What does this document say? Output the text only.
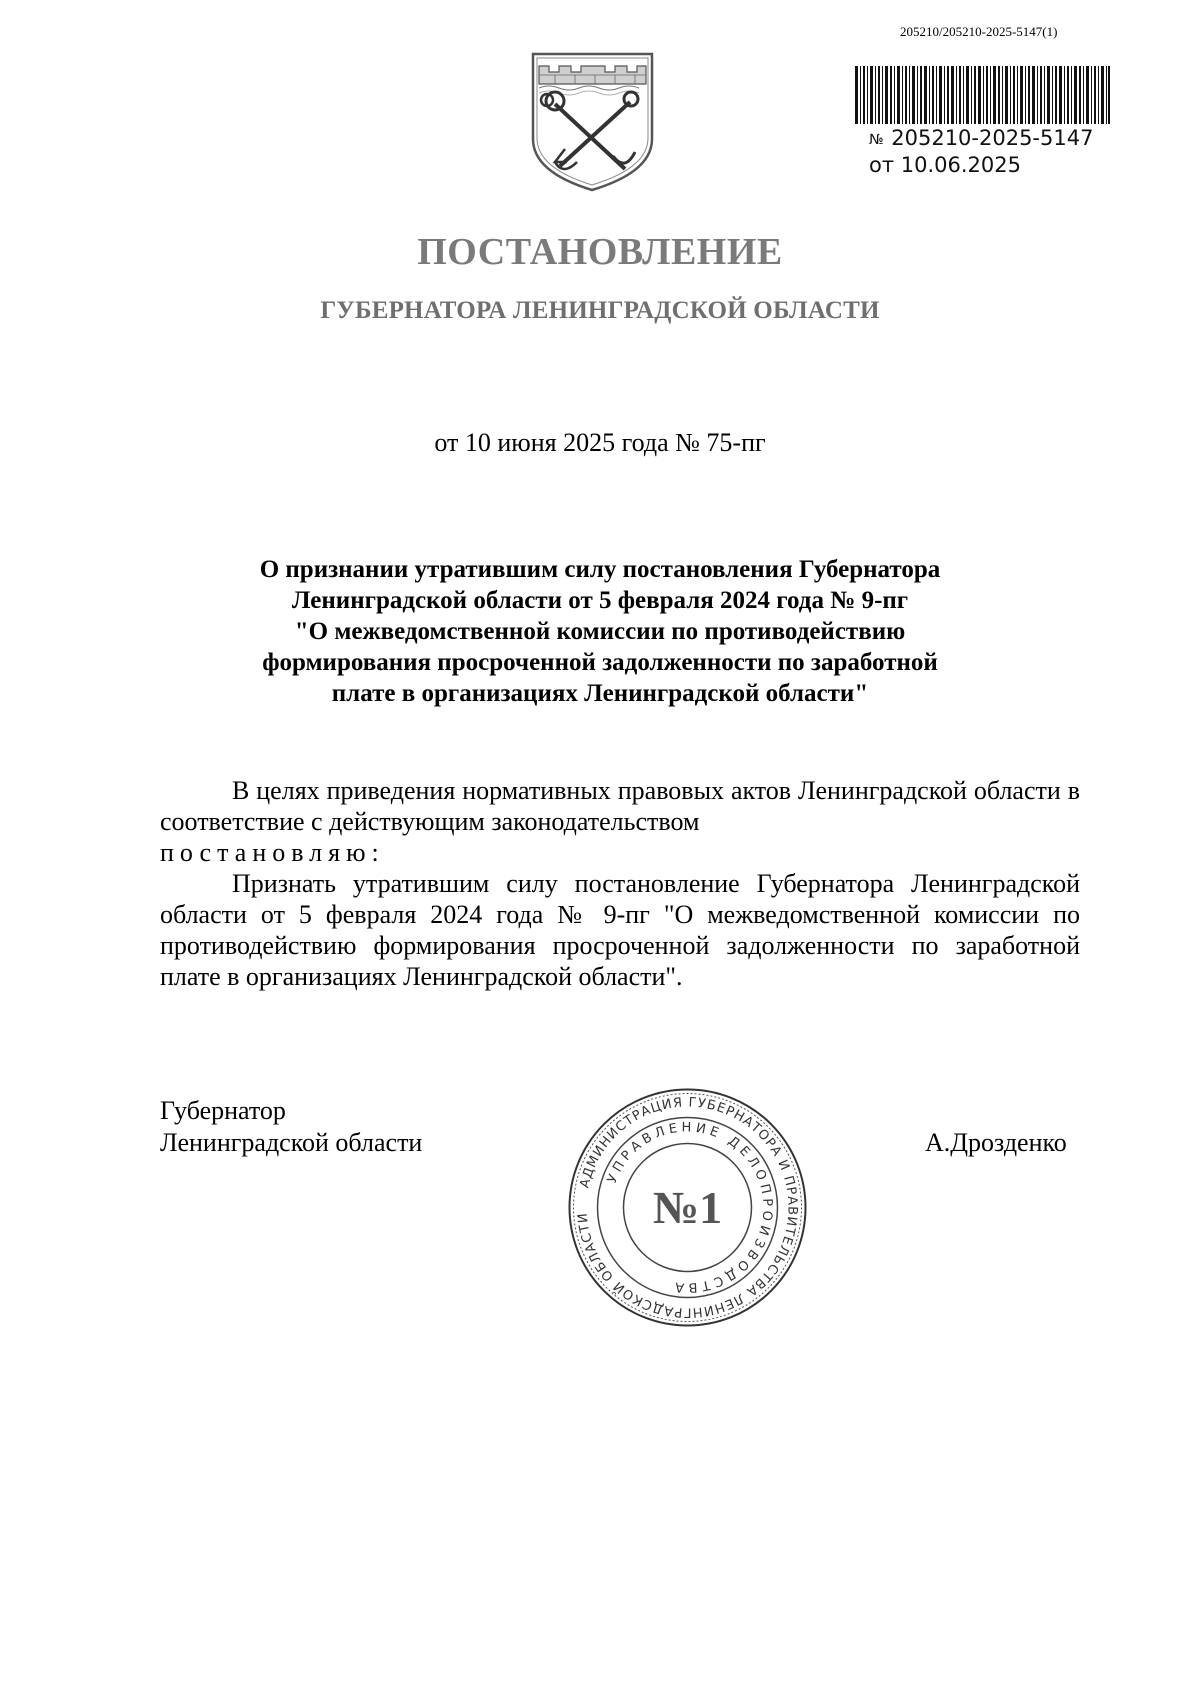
205210/205210-2025-5147(1)
№ 205210-2025-5147
от 10.06.2025
ПОСТАНОВЛЕНИЕ
ГУБЕРНАТОРА ЛЕНИНГРАДСКОЙ ОБЛАСТИ
от 10 июня 2025 года № 75-пг
О признании утратившим силу постановления Губернатора
Ленинградской области от 5 февраля 2024 года № 9-пг
"О межведомственной комиссии по противодействию
формирования просроченной задолженности по заработной
плате в организациях Ленинградской области"

В целях приведения нормативных правовых актов Ленинградской области в соответствие с действующим законодательством

постановляю:

Признать утратившим силу постановление Губернатора Ленинградской области от 5 февраля 2024 года № 9-пг "О межведомственной комиссии по противодействию формирования просроченной задолженности по заработной плате в организациях Ленинградской области".

Губернатор
Ленинградской области	А.Дрозденко
АДМИНИСТРАЦИЯ ГУБЕРНАТОРА И ПРАВИТЕЛЬСТВА ЛЕНИНГРАДСКОЙ ОБЛАСТИ
УПРАВЛЕНИЕ ДЕЛОПРОИЗВОДСТВА
№1
